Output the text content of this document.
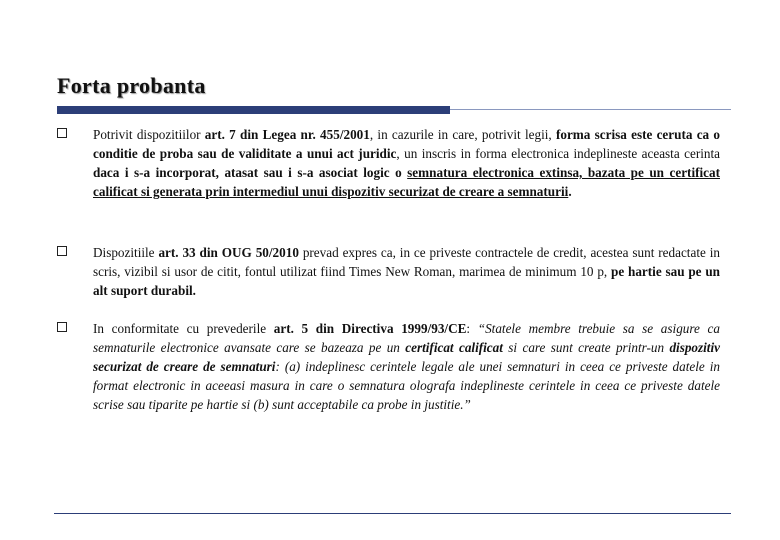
Forta probanta
Potrivit dispozitiilor art. 7 din Legea nr. 455/2001, in cazurile in care, potrivit legii, forma scrisa este ceruta ca o conditie de proba sau de validitate a unui act juridic, un inscris in forma electronica indeplineste aceasta cerinta daca i s-a incorporat, atasat sau i s-a asociat logic o semnatura electronica extinsa, bazata pe un certificat calificat si generata prin intermediul unui dispozitiv securizat de creare a semnaturii.
Dispozitiile art. 33 din OUG 50/2010 prevad expres ca, in ce priveste contractele de credit, acestea sunt redactate in scris, vizibil si usor de citit, fontul utilizat fiind Times New Roman, marimea de minimum 10 p, pe hartie sau pe un alt suport durabil.
In conformitate cu prevederile art. 5 din Directiva 1999/93/CE: “Statele membre trebuie sa se asigure ca semnaturile electronice avansate care se bazeaza pe un certificat calificat si care sunt create printr-un dispozitiv securizat de creare de semnaturi: (a) indeplinesc cerintele legale ale unei semnaturi in ceea ce priveste datele in format electronic in aceeasi masura in care o semnatura olografa indeplineste cerintele in ceea ce priveste datele scrise sau tiparite pe hartie si (b) sunt acceptabile ca probe in justitie.”
